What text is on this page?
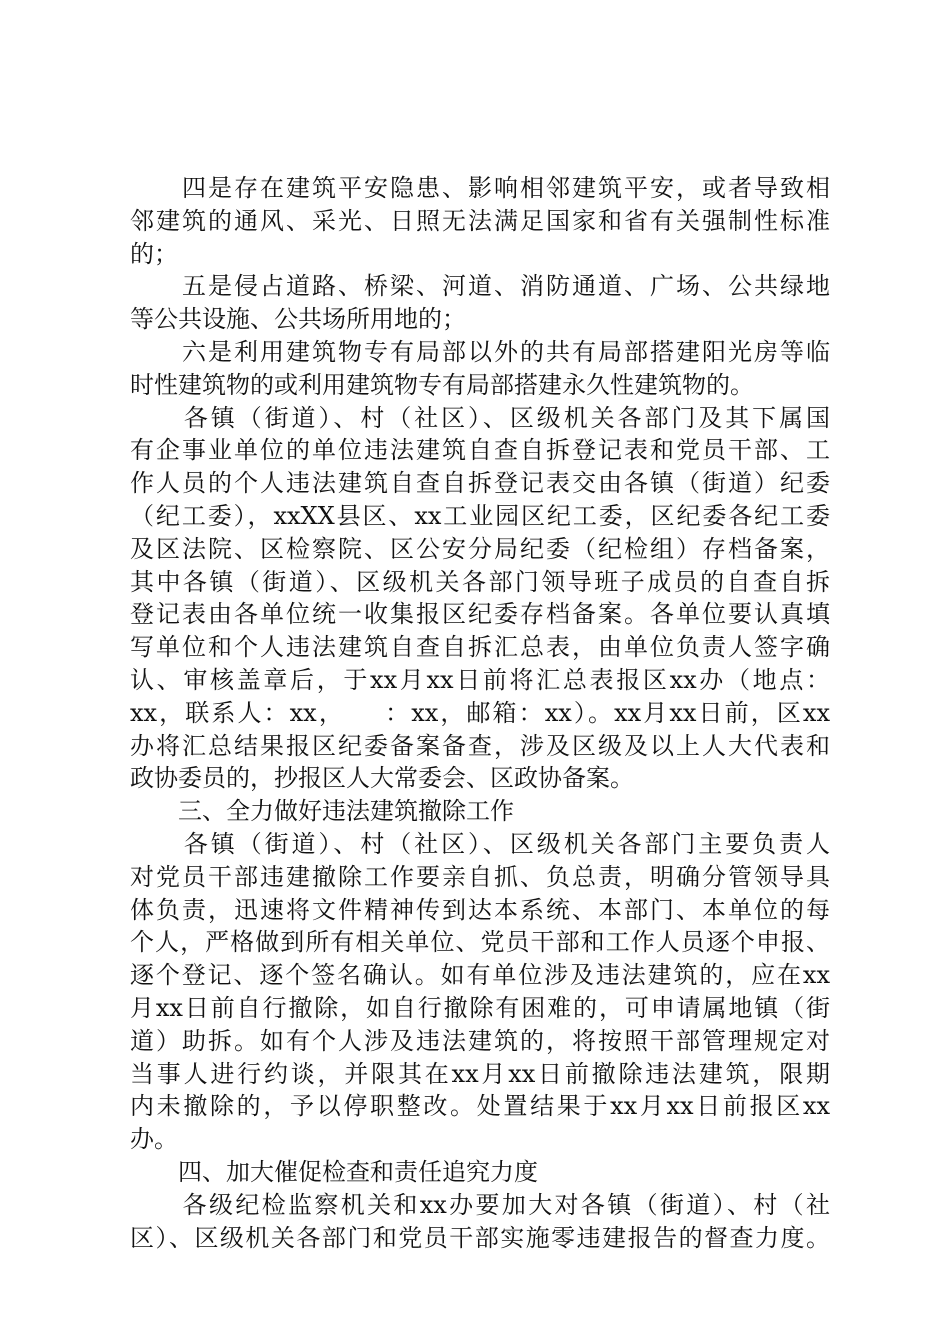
　　四是存在建筑平安隐患、影响相邻建筑平安，或者导致相
邻建筑的通风、采光、日照无法满足国家和省有关强制性标准
的；
　　五是侵占道路、桥梁、河道、消防通道、广场、公共绿地
等公共设施、公共场所用地的；
　　六是利用建筑物专有局部以外的共有局部搭建阳光房等临
时性建筑物的或利用建筑物专有局部搭建永久性建筑物的。
　　各镇（街道）、村（社区）、区级机关各部门及其下属国
有企事业单位的单位违法建筑自查自拆登记表和党员干部、工
作人员的个人违法建筑自查自拆登记表交由各镇（街道）纪委
（纪工委），xxXX县区、xx工业园区纪工委，区纪委各纪工委
及区法院、区检察院、区公安分局纪委（纪检组）存档备案，
其中各镇（街道）、区级机关各部门领导班子成员的自查自拆
登记表由各单位统一收集报区纪委存档备案。各单位要认真填
写单位和个人违法建筑自查自拆汇总表，由单位负责人签字确
认、审核盖章后，于xx月xx日前将汇总表报区xx办（地点：
xx，联系人：xx，　　：xx，邮箱：xx）。xx月xx日前，区xx
办将汇总结果报区纪委备案备查，涉及区级及以上人大代表和
政协委员的，抄报区人大常委会、区政协备案。
　　三、全力做好违法建筑撤除工作
　　各镇（街道）、村（社区）、区级机关各部门主要负责人
对党员干部违建撤除工作要亲自抓、负总责，明确分管领导具
体负责，迅速将文件精神传到达本系统、本部门、本单位的每
个人，严格做到所有相关单位、党员干部和工作人员逐个申报、
逐个登记、逐个签名确认。如有单位涉及违法建筑的，应在xx
月xx日前自行撤除，如自行撤除有困难的，可申请属地镇（街
道）助拆。如有个人涉及违法建筑的，将按照干部管理规定对
当事人进行约谈，并限其在xx月xx日前撤除违法建筑，限期
内未撤除的，予以停职整改。处置结果于xx月xx日前报区xx
办。
　　四、加大催促检查和责任追究力度
　　各级纪检监察机关和xx办要加大对各镇（街道）、村（社
区）、区级机关各部门和党员干部实施零违建报告的督查力度。
